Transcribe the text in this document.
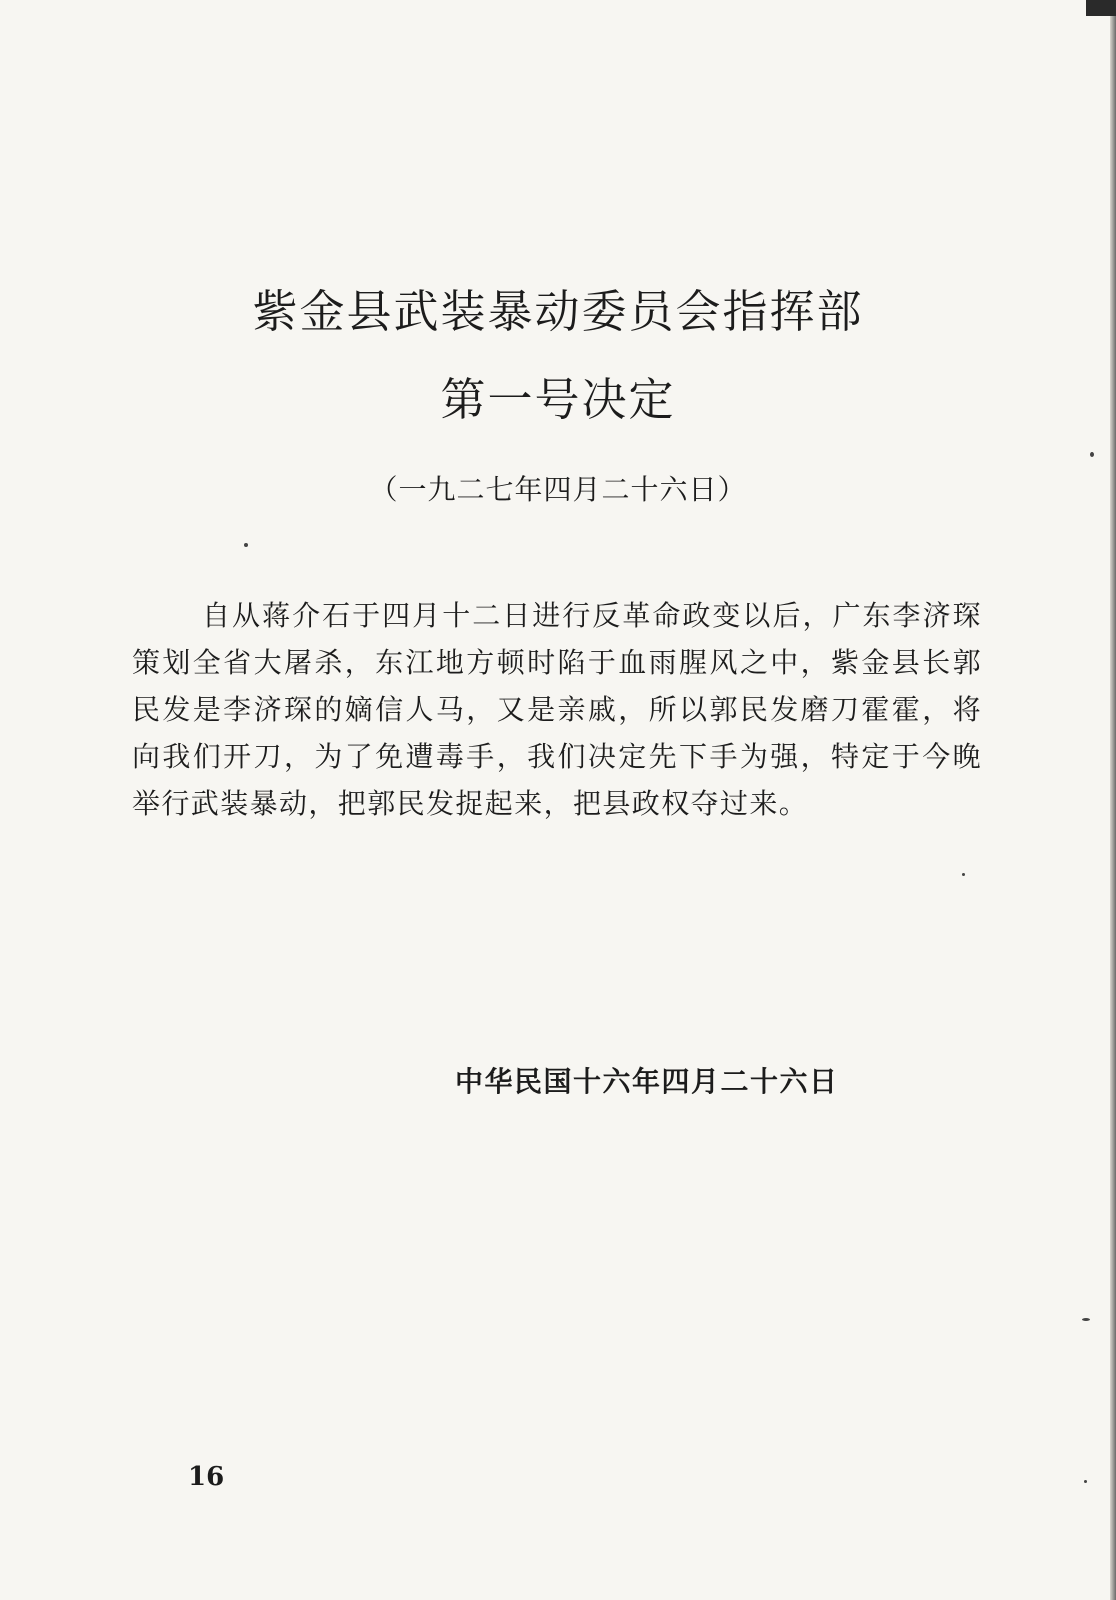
紫金县武装暴动委员会指挥部
第一号决定
（一九二七年四月二十六日）

自从蒋介石于四月十二日进行反革命政变以后，广东李济琛策划全省大屠杀，东江地方顿时陷于血雨腥风之中，紫金县长郭民发是李济琛的嫡信人马，又是亲戚，所以郭民发磨刀霍霍，将向我们开刀，为了免遭毒手，我们决定先下手为强，特定于今晚举行武装暴动，把郭民发捉起来，把县政权夺过来。

中华民国十六年四月二十六日
16
